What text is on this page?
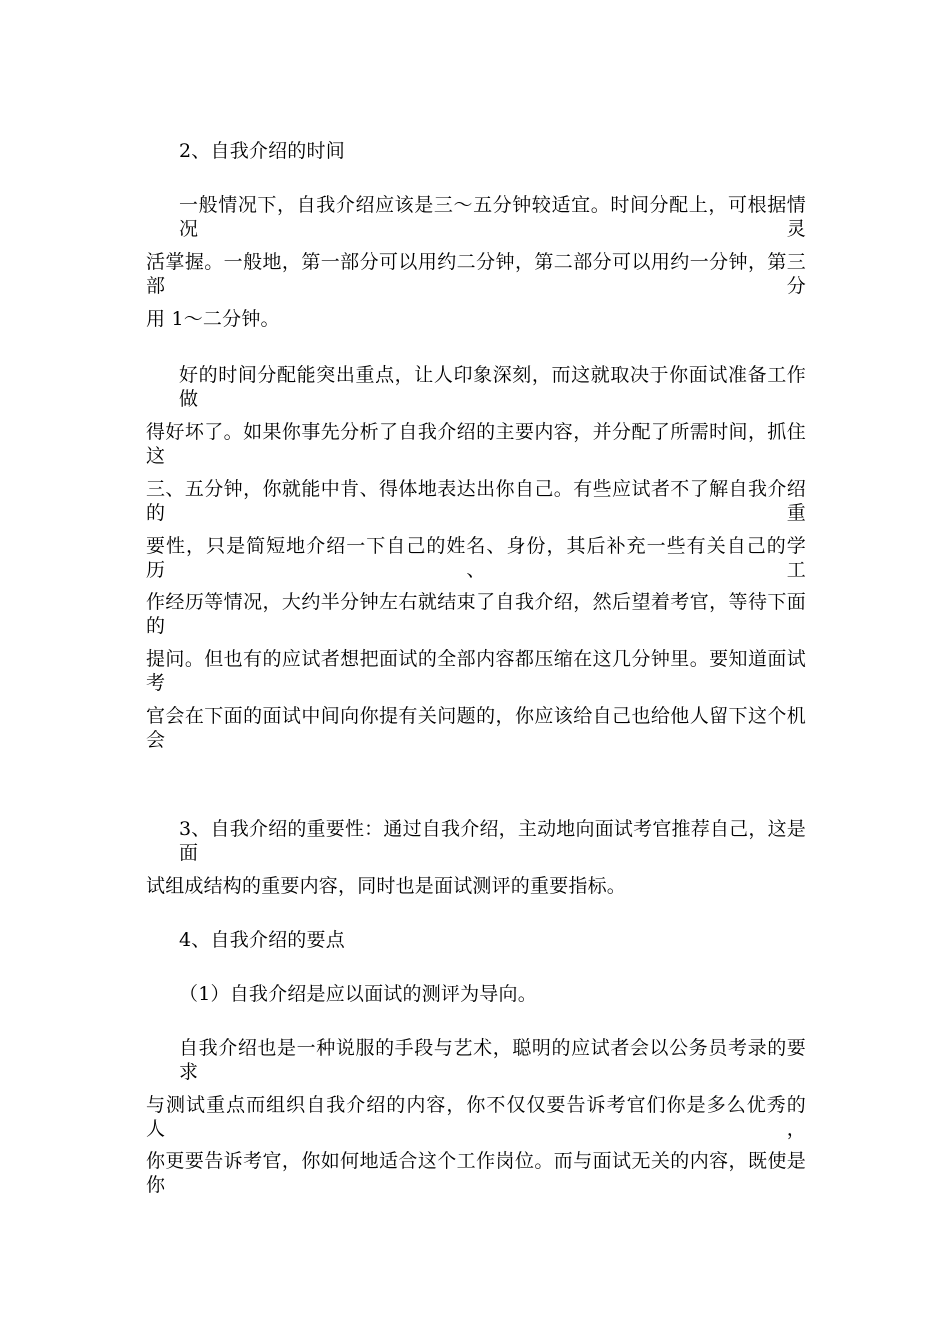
2、自我介绍的时间

一般情况下，自我介绍应该是三～五分钟较适宜。时间分配上，可根据情况灵

活掌握。一般地，第一部分可以用约二分钟，第二部分可以用约一分钟，第三部分

用 1～二分钟。

好的时间分配能突出重点，让人印象深刻，而这就取决于你面试准备工作做

得好坏了。如果你事先分析了自我介绍的主要内容，并分配了所需时间，抓住这

三、五分钟，你就能中肯、得体地表达出你自己。有些应试者不了解自我介绍的重

要性，只是简短地介绍一下自己的姓名、身份，其后补充一些有关自己的学历、工

作经历等情况，大约半分钟左右就结束了自我介绍，然后望着考官，等待下面的

提问。但也有的应试者想把面试的全部内容都压缩在这几分钟里。要知道面试考

官会在下面的面试中间向你提有关问题的，你应该给自己也给他人留下这个机会

3、自我介绍的重要性：通过自我介绍，主动地向面试考官推荐自己，这是面

试组成结构的重要内容，同时也是面试测评的重要指标。

4、自我介绍的要点

（1）自我介绍是应以面试的测评为导向。

自我介绍也是一种说服的手段与艺术，聪明的应试者会以公务员考录的要求

与测试重点而组织自我介绍的内容，你不仅仅要告诉考官们你是多么优秀的人，

你更要告诉考官，你如何地适合这个工作岗位。而与面试无关的内容，既使是你
